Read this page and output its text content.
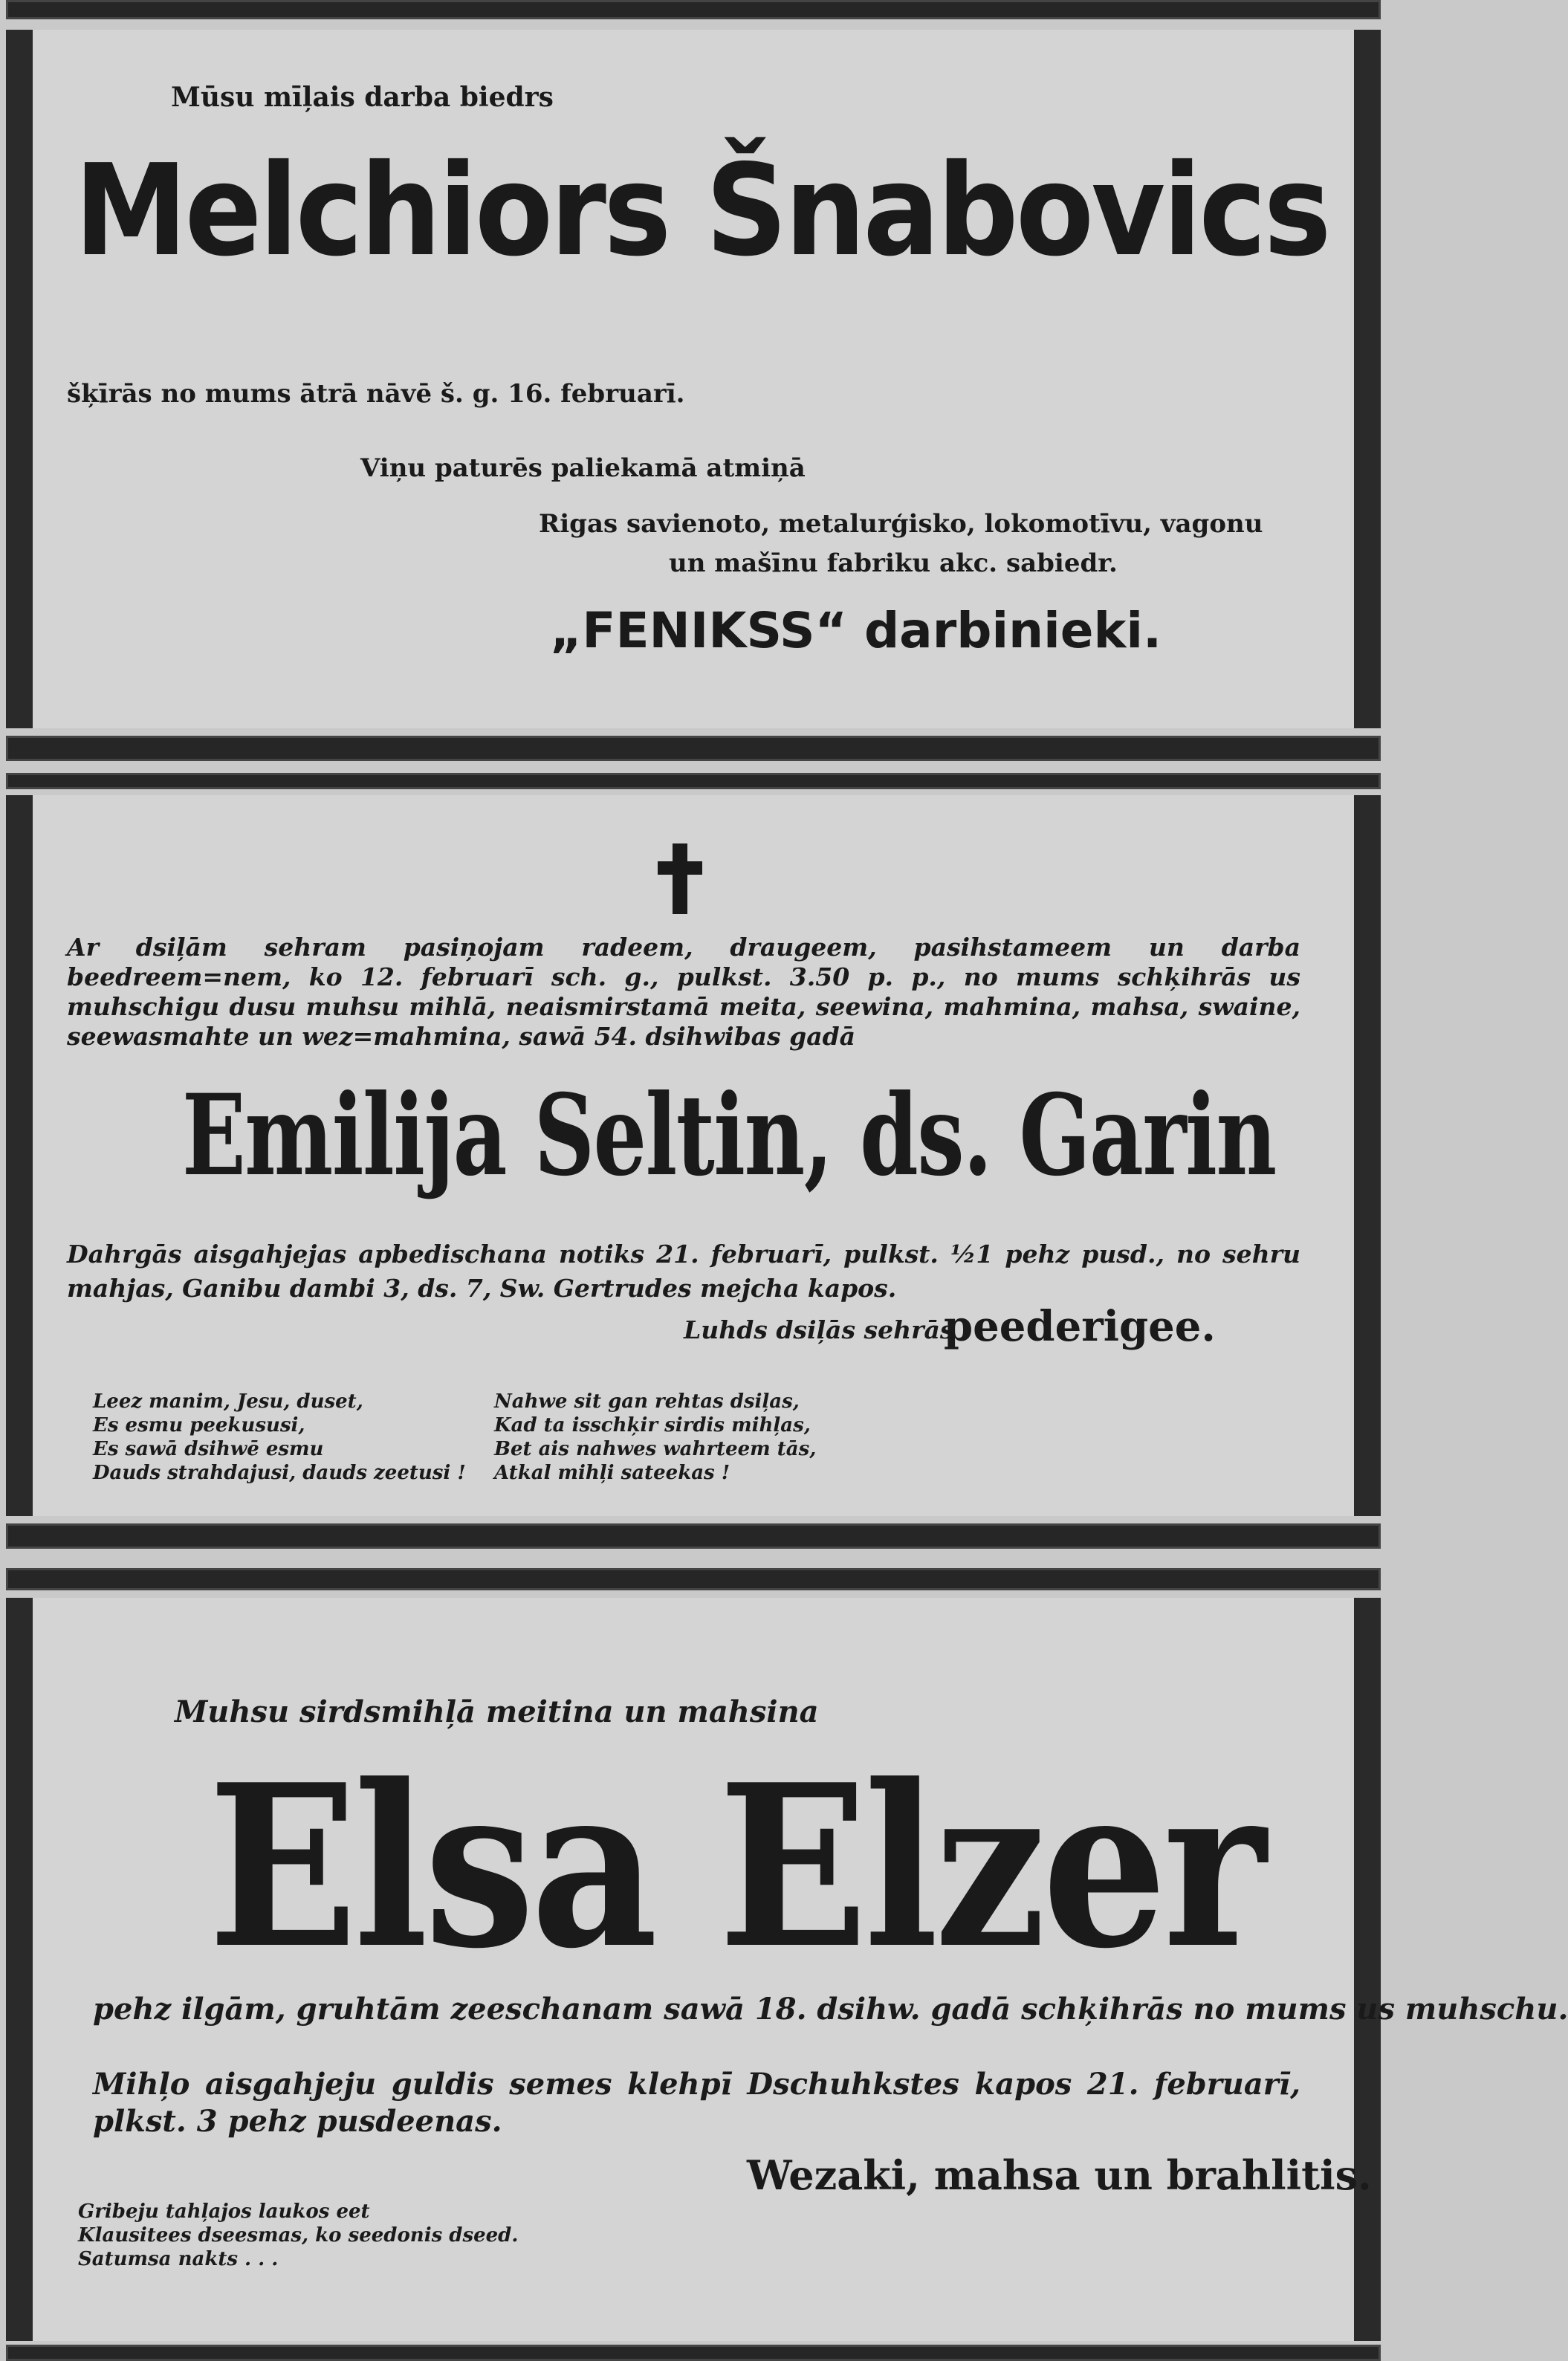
Mūsu mīļais darba biedrs

Melchiors Šnabovics

šķīrās no mums ātrā nāvē š. g. 16. februarī.

Viņu paturēs paliekamā atmiņā

Rigas savienoto, metalurģisko, lokomotīvu, vagonu

un mašīnu fabriku akc. sabiedr.

„FENIKSS“ darbinieki.

Ar dsiļām sehram pasiņojam radeem, draugeem, pasihstameem un darba beedreem=nem, ko 12. februarī sch. g., pulkst. 3.50 p. p., no mums schķihrās us muhschigu dusu muhsu mihlā, neaismirstamā meita, seewina, mahmina, mahsa, swaine, seewasmahte un wez=mahmina, sawā 54. dsihwibas gadā

Emilija Seltin, ds. Garin

Dahrgās aisgahjejas apbedischana notiks 21. februarī, pulkst. ½1 pehz pusd., no sehru mahjas, Ganibu dambi 3, ds. 7, Sw. Gertrudes mejcha kapos.

Luhds dsiļās sehrās

peederigee.

Leez manim, Jesu, duset,
Es esmu peekususi,
Es sawā dsihwē esmu
Dauds strahdajusi, dauds zeetusi !

Nahwe sit gan rehtas dsiļas,
Kad ta isschķir sirdis mihļas,
Bet ais nahwes wahrteem tās,
Atkal mihļi sateekas !

Muhsu sirdsmihļā meitina un mahsina

Elsa Elzer

pehz ilgām, gruhtām zeeschanam sawā 18. dsihw. gadā schķihrās no mums us muhschu.

Mihļo aisgahjeju guldis semes klehpī Dschuhkstes kapos 21. februarī, plkst. 3 pehz pusdeenas.

Wezaki, mahsa un brahlitis.

Gribeju tahļajos laukos eet
Klausitees dseesmas, ko seedonis dseed.
Satumsa nakts . . .
